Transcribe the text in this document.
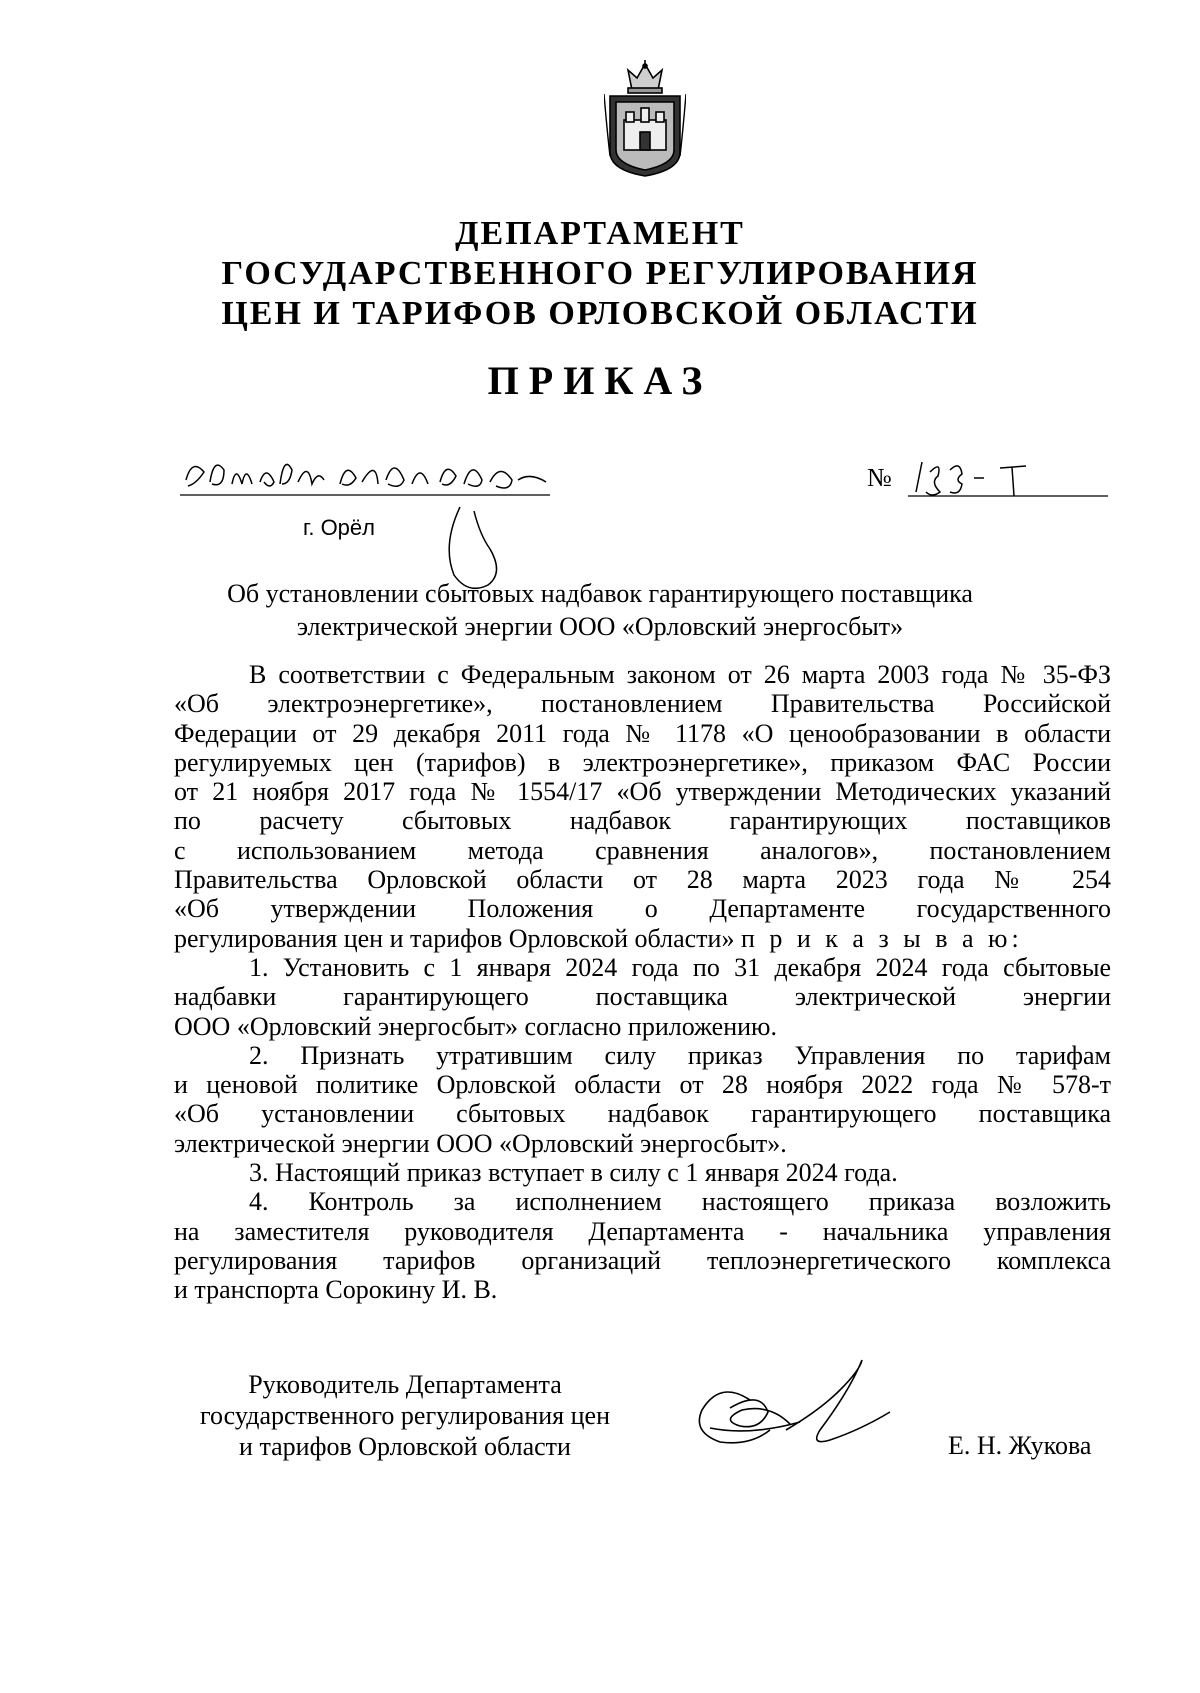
ДЕПАРТАМЕНТ
ГОСУДАРСТВЕННОГО РЕГУЛИРОВАНИЯ
ЦЕН И ТАРИФОВ ОРЛОВСКОЙ ОБЛАСТИ
ПРИКАЗ
№
г. Орёл
Об установлении сбытовых надбавок гарантирующего поставщика
электрической энергии ООО «Орловский энергосбыт»
В соответствии с Федеральным законом от 26 марта 2003 года № 35-ФЗ
«Об электроэнергетике», постановлением Правительства Российской
Федерации от 29 декабря 2011 года № 1178 «О ценообразовании в области
регулируемых цен (тарифов) в электроэнергетике», приказом ФАС России
от 21 ноября 2017 года № 1554/17 «Об утверждении Методических указаний
по расчету сбытовых надбавок гарантирующих поставщиков
с использованием метода сравнения аналогов», постановлением
Правительства Орловской области от 28 марта 2023 года № 254
«Об утверждении Положения о Департаменте государственного
регулирования цен и тарифов Орловской области» п р и к а з ы в а ю:
1. Установить с 1 января 2024 года по 31 декабря 2024 года сбытовые
надбавки гарантирующего поставщика электрической энергии
ООО «Орловский энергосбыт» согласно приложению.
2. Признать утратившим силу приказ Управления по тарифам
и ценовой политике Орловской области от 28 ноября 2022 года № 578-т
«Об установлении сбытовых надбавок гарантирующего поставщика
электрической энергии ООО «Орловский энергосбыт».
3. Настоящий приказ вступает в силу с 1 января 2024 года.
4. Контроль за исполнением настоящего приказа возложить
на заместителя руководителя Департамента - начальника управления
регулирования тарифов организаций теплоэнергетического комплекса
и транспорта Сорокину И. В.
Руководитель Департамента
государственного регулирования цен
и тарифов Орловской области	Е. Н. Жукова
